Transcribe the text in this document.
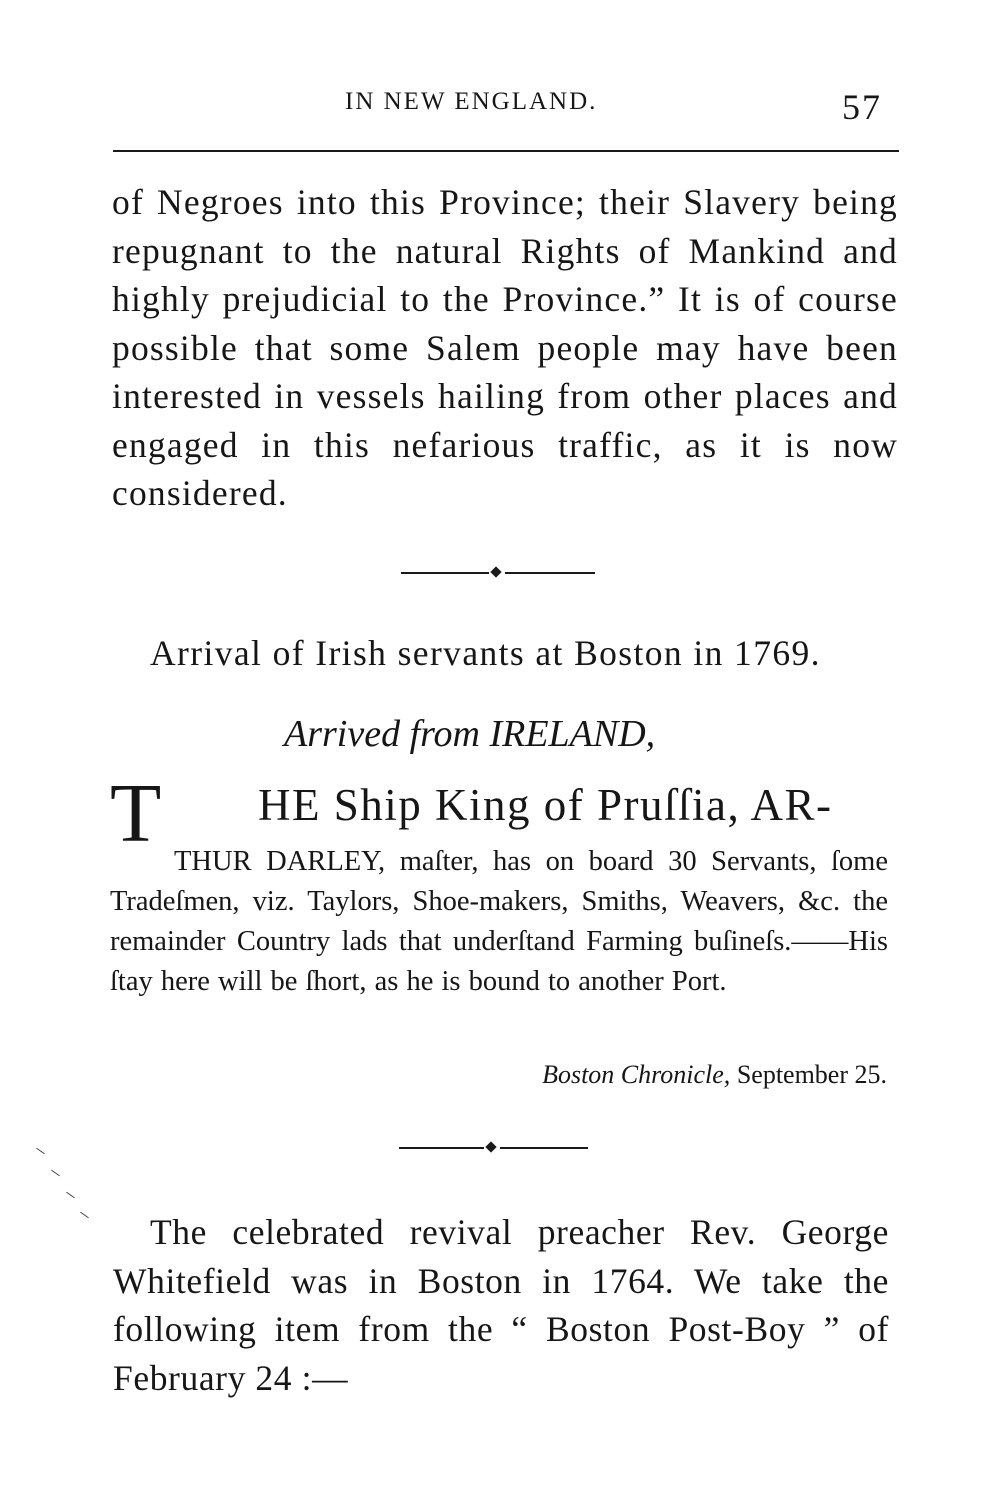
IN NEW ENGLAND.	57

of Negroes into this Province; their Slavery being repugnant to the natural Rights of Mankind and highly prejudicial to the Province.” It is of course possible that some Salem people may have been interested in vessels hailing from other places and engaged in this nefarious traffic, as it is now considered.

Arrival of Irish servants at Boston in 1769.
Arrived from IRELAND,
T HE Ship King of Pruſſia, AR-

THUR DARLEY, maſter, has on board 30 Servants, ſome Tradeſmen, viz. Taylors, Shoe-makers, Smiths, Weavers, &c. the remainder Country lads that underſtand Farming buſineſs.——His ſtay here will be ſhort, as he is bound to another Port.

Boston Chronicle, September 25.

The celebrated revival preacher Rev. George Whitefield was in Boston in 1764. We take the following item from the “ Boston Post-Boy ” of February 24 :—
